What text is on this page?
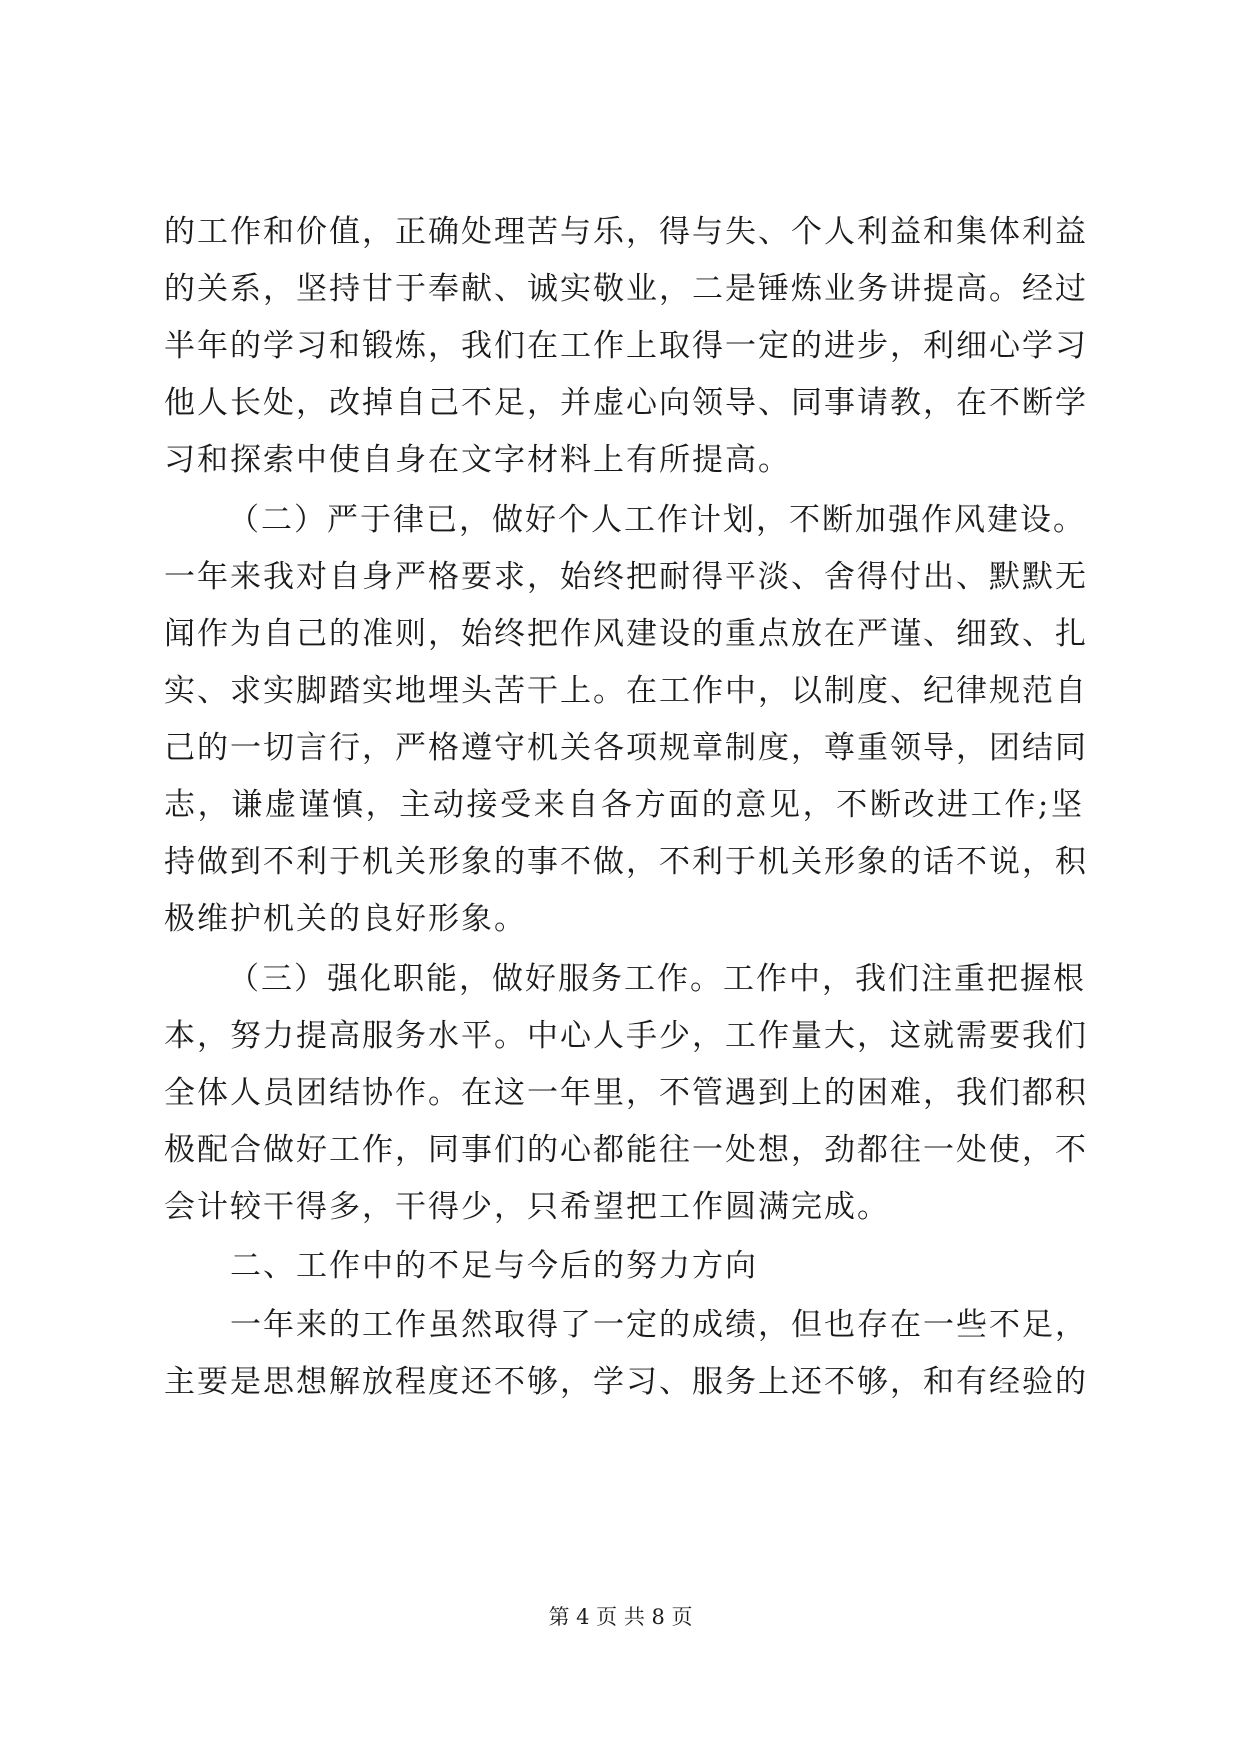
的工作和价值，正确处理苦与乐，得与失、个人利益和集体利益
的关系，坚持甘于奉献、诚实敬业，二是锤炼业务讲提高。经过
半年的学习和锻炼，我们在工作上取得一定的进步，利细心学习
他人长处，改掉自己不足，并虚心向领导、同事请教，在不断学
习和探索中使自身在文字材料上有所提高。
（二）严于律已，做好个人工作计划，不断加强作风建设。
一年来我对自身严格要求，始终把耐得平淡、舍得付出、默默无
闻作为自己的准则，始终把作风建设的重点放在严谨、细致、扎
实、求实脚踏实地埋头苦干上。在工作中，以制度、纪律规范自
己的一切言行，严格遵守机关各项规章制度，尊重领导，团结同
志，谦虚谨慎，主动接受来自各方面的意见，不断改进工作;坚
持做到不利于机关形象的事不做，不利于机关形象的话不说，积
极维护机关的良好形象。
（三）强化职能，做好服务工作。工作中，我们注重把握根
本，努力提高服务水平。中心人手少，工作量大，这就需要我们
全体人员团结协作。在这一年里，不管遇到上的困难，我们都积
极配合做好工作，同事们的心都能往一处想，劲都往一处使，不
会计较干得多，干得少，只希望把工作圆满完成。
二、工作中的不足与今后的努力方向
一年来的工作虽然取得了一定的成绩，但也存在一些不足，
主要是思想解放程度还不够，学习、服务上还不够，和有经验的
第 4 页 共 8 页
